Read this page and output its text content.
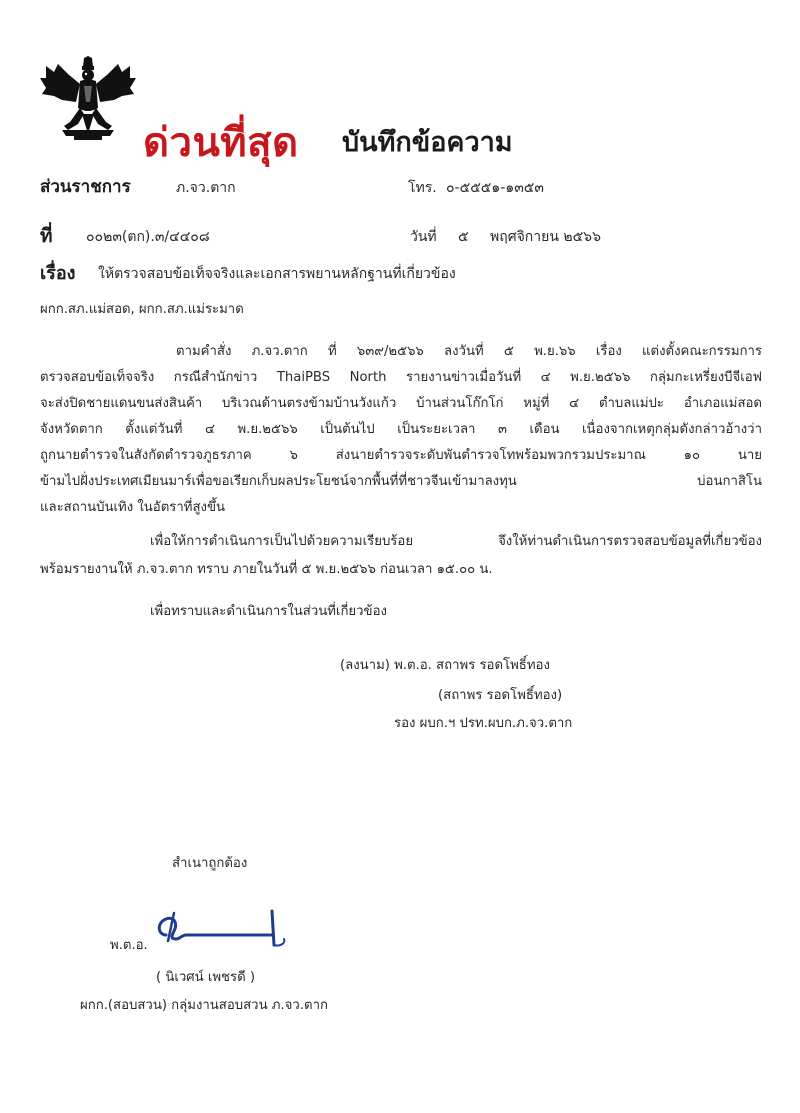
ด่วนที่สุด บันทึกข้อความ
ส่วนราชการ	ภ.จว.ตาก	โทร. ๐-๕๕๕๑-๑๓๕๓
ที่ ๐๐๒๓(ตก).๓/๔๔๐๘	วันที่ ๕ พฤศจิกายน ๒๕๖๖
เรื่อง ให้ตรวจสอบข้อเท็จจริงและเอกสารพยานหลักฐานที่เกี่ยวข้อง
ผกก.สภ.แม่สอด, ผกก.สภ.แม่ระมาด
ตามคำสั่ง ภ.จว.ตาก ที่ ๖๓๙/๒๕๖๖ ลงวันที่ ๕ พ.ย.๖๖ เรื่อง แต่งตั้งคณะกรรมการ
ตรวจสอบข้อเท็จจริง กรณีสำนักข่าว ThaiPBS North รายงานข่าวเมื่อวันที่ ๔ พ.ย.๒๕๖๖ กลุ่มกะเหรี่ยงบีจีเอฟ
จะส่งปิดชายแดนขนส่งสินค้า บริเวณด้านตรงข้ามบ้านวังแก้ว บ้านส่วนโก๊กโก่ หมู่ที่ ๔ ตำบลแม่ปะ อำเภอแม่สอด
จังหวัดตาก ตั้งแต่วันที่ ๔ พ.ย.๒๕๖๖ เป็นต้นไป เป็นระยะเวลา ๓ เดือน เนื่องจากเหตุกลุ่มดังกล่าวอ้างว่า
ถูกนายตำรวจในสังกัดตำรวจภูธรภาค ๖ ส่งนายตำรวจระดับพันตำรวจโทพร้อมพวกรวมประมาณ ๑๐ นาย
ข้ามไปฝั่งประเทศเมียนมาร์เพื่อขอเรียกเก็บผลประโยชน์จากพื้นที่ที่ชาวจีนเข้ามาลงทุน บ่อนกาสิโน
และสถานบันเทิง ในอัตราที่สูงขึ้น
เพื่อให้การดำเนินการเป็นไปด้วยความเรียบร้อย จึงให้ท่านดำเนินการตรวจสอบข้อมูลที่เกี่ยวข้อง
พร้อมรายงานให้ ภ.จว.ตาก ทราบ ภายในวันที่ ๕ พ.ย.๒๕๖๖ ก่อนเวลา ๑๕.๐๐ น.
เพื่อทราบและดำเนินการในส่วนที่เกี่ยวข้อง
(ลงนาม) พ.ต.อ. สถาพร รอดโพธิ์ทอง
(สถาพร รอดโพธิ์ทอง)
รอง ผบก.ฯ ปรท.ผบก.ภ.จว.ตาก
สำเนาถูกต้อง
พ.ต.อ.
( นิเวศน์ เพชรดี )
ผกก.(สอบสวน) กลุ่มงานสอบสวน ภ.จว.ตาก
